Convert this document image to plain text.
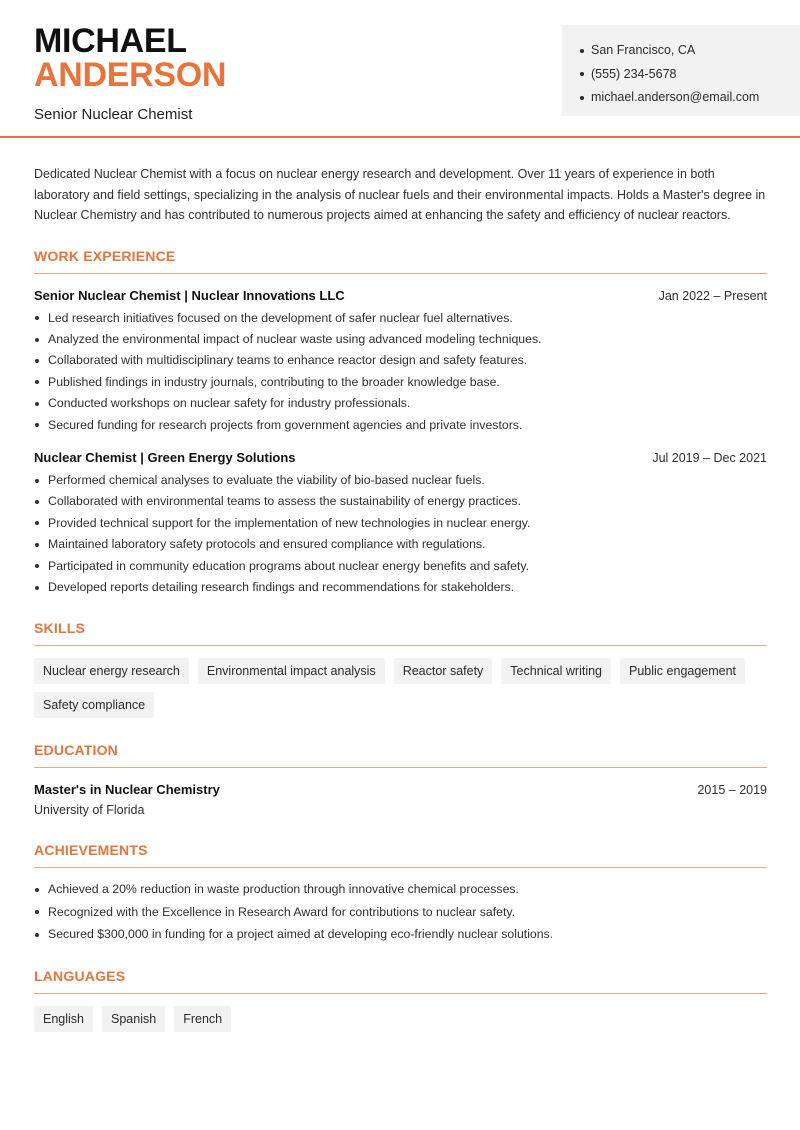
MICHAEL
ANDERSON
Senior Nuclear Chemist
San Francisco, CA
(555) 234-5678
michael.anderson@email.com

Dedicated Nuclear Chemist with a focus on nuclear energy research and development. Over 11 years of experience in both laboratory and field settings, specializing in the analysis of nuclear fuels and their environmental impacts. Holds a Master's degree in Nuclear Chemistry and has contributed to numerous projects aimed at enhancing the safety and efficiency of nuclear reactors.

WORK EXPERIENCE
Senior Nuclear Chemist | Nuclear Innovations LLC	Jan 2022 – Present
Led research initiatives focused on the development of safer nuclear fuel alternatives.
Analyzed the environmental impact of nuclear waste using advanced modeling techniques.
Collaborated with multidisciplinary teams to enhance reactor design and safety features.
Published findings in industry journals, contributing to the broader knowledge base.
Conducted workshops on nuclear safety for industry professionals.
Secured funding for research projects from government agencies and private investors.
Nuclear Chemist | Green Energy Solutions	Jul 2019 – Dec 2021
Performed chemical analyses to evaluate the viability of bio-based nuclear fuels.
Collaborated with environmental teams to assess the sustainability of energy practices.
Provided technical support for the implementation of new technologies in nuclear energy.
Maintained laboratory safety protocols and ensured compliance with regulations.
Participated in community education programs about nuclear energy benefits and safety.
Developed reports detailing research findings and recommendations for stakeholders.
SKILLS
Nuclear energy research	Environmental impact analysis	Reactor safety	Technical writing	Public engagement
Safety compliance
EDUCATION
Master's in Nuclear Chemistry	2015 – 2019
University of Florida
ACHIEVEMENTS
Achieved a 20% reduction in waste production through innovative chemical processes.
Recognized with the Excellence in Research Award for contributions to nuclear safety.
Secured $300,000 in funding for a project aimed at developing eco-friendly nuclear solutions.
LANGUAGES
English	Spanish	French
